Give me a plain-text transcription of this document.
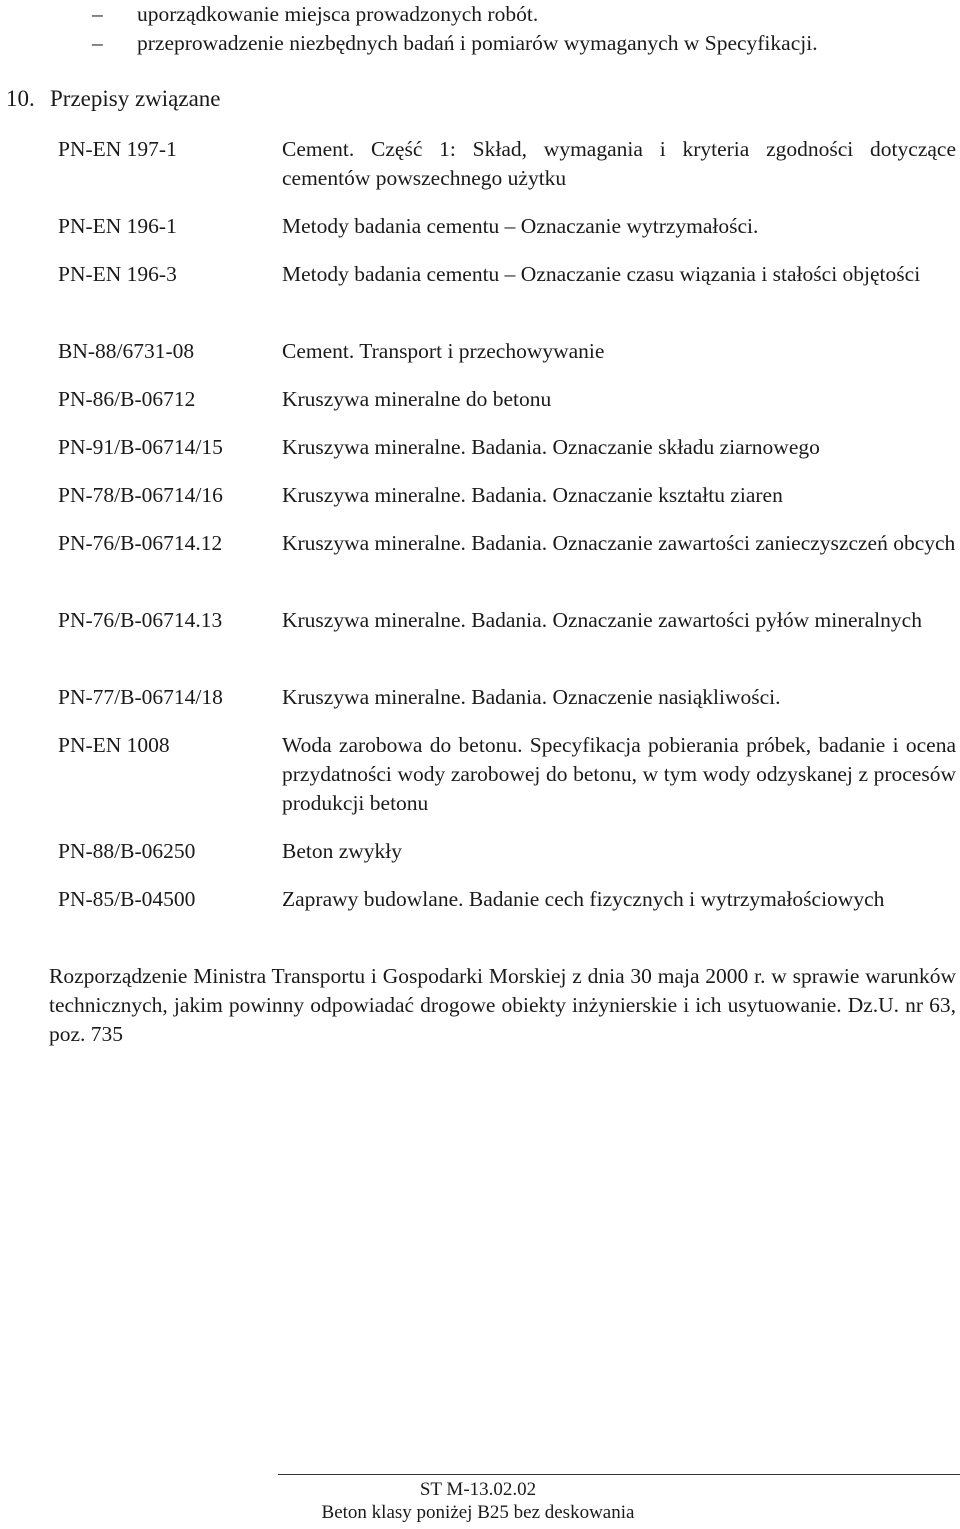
– uporządkowanie miejsca prowadzonych robót.
– przeprowadzenie niezbędnych badań i pomiarów wymaganych w Specyfikacji.
10. Przepisy związane
PN-EN 197-1	Cement. Część 1: Skład, wymagania i kryteria zgodności dotyczące cementów powszechnego użytku
PN-EN 196-1	Metody badania cementu – Oznaczanie wytrzymałości.
PN-EN 196-3	Metody badania cementu – Oznaczanie czasu wiązania i stałości objętości
BN-88/6731-08	Cement. Transport i przechowywanie
PN-86/B-06712	Kruszywa mineralne do betonu
PN-91/B-06714/15	Kruszywa mineralne. Badania. Oznaczanie składu ziarnowego
PN-78/B-06714/16	Kruszywa mineralne. Badania. Oznaczanie kształtu ziaren
PN-76/B-06714.12	Kruszywa mineralne. Badania. Oznaczanie zawartości zanieczyszczeń obcych
PN-76/B-06714.13	Kruszywa mineralne. Badania. Oznaczanie zawartości pyłów mineralnych
PN-77/B-06714/18	Kruszywa mineralne. Badania. Oznaczenie nasiąkliwości.
PN-EN 1008	Woda zarobowa do betonu. Specyfikacja pobierania próbek, badanie i ocena przydatności wody zarobowej do betonu, w tym wody odzyskanej z procesów produkcji betonu
PN-88/B-06250	Beton zwykły
PN-85/B-04500	Zaprawy budowlane. Badanie cech fizycznych i wytrzymałościowych
Rozporządzenie Ministra Transportu i Gospodarki Morskiej z dnia 30 maja 2000 r. w sprawie warunków technicznych, jakim powinny odpowiadać drogowe obiekty inżynierskie i ich usytuowanie. Dz.U. nr 63, poz. 735
ST M-13.02.02
Beton klasy poniżej B25 bez deskowania
